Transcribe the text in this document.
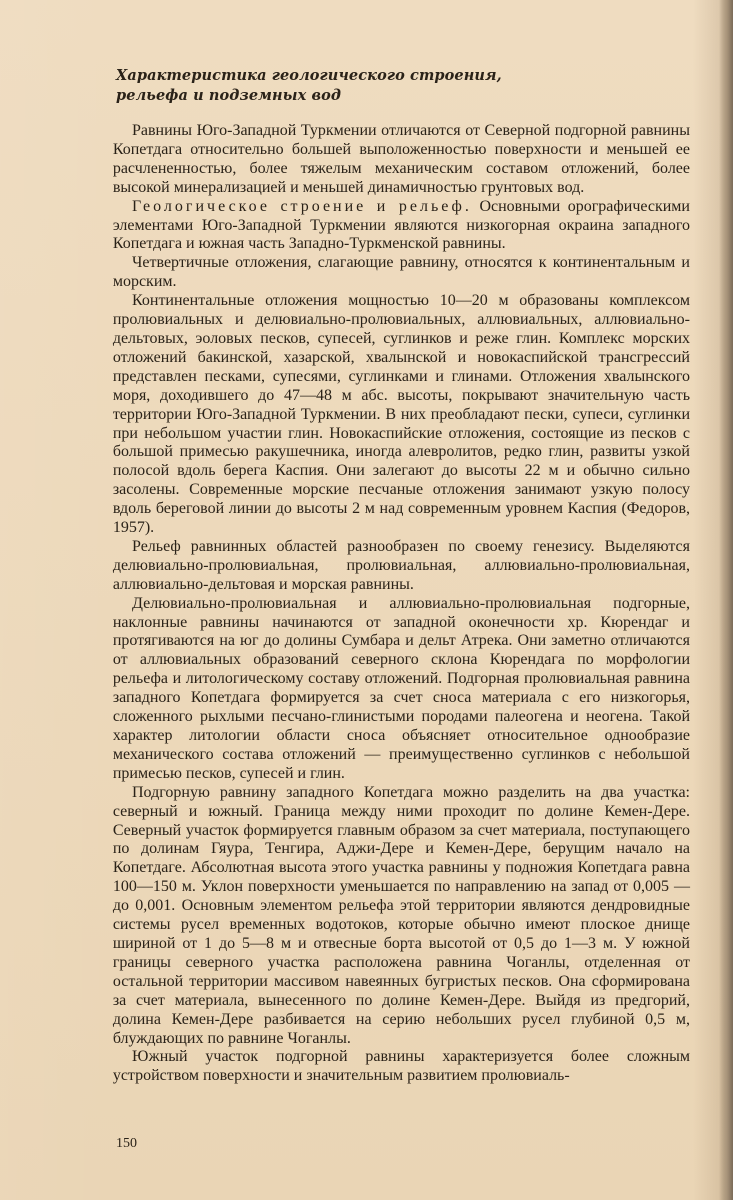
Характеристика геологического строения,
рельефа и подземных вод

Равнины Юго-Западной Туркмении отличаются от Северной подгорной равнины Копетдага относительно большей выположенностью поверхности и меньшей ее расчлененностью, более тяжелым механическим составом отложений, более высокой минерализацией и меньшей динамичностью грунтовых вод.

Геологическое строение и рельеф. Основными орографическими элементами Юго-Западной Туркмении являются низкогорная окраина западного Копетдага и южная часть Западно-Туркменской равнины.

Четвертичные отложения, слагающие равнину, относятся к континентальным и морским.

Континентальные отложения мощностью 10—20 м образованы комплексом пролювиальных и делювиально-пролювиальных, аллювиальных, аллювиально-дельтовых, эоловых песков, супесей, суглинков и реже глин. Комплекс морских отложений бакинской, хазарской, хвалынской и новокаспийской трансгрессий представлен песками, супесями, суглинками и глинами. Отложения хвалынского моря, доходившего до 47—48 м абс. высоты, покрывают значительную часть территории Юго-Западной Туркмении. В них преобладают пески, супеси, суглинки при небольшом участии глин. Новокаспийские отложения, состоящие из песков с большой примесью ракушечника, иногда алевролитов, редко глин, развиты узкой полосой вдоль берега Каспия. Они залегают до высоты 22 м и обычно сильно засолены. Современные морские песчаные отложения занимают узкую полосу вдоль береговой линии до высоты 2 м над современным уровнем Каспия (Федоров, 1957).

Рельеф равнинных областей разнообразен по своему генезису. Выделяются делювиально-пролювиальная, пролювиальная, аллювиально-пролювиальная, аллювиально-дельтовая и морская равнины.

Делювиально-пролювиальная и аллювиально-пролювиальная подгорные, наклонные равнины начинаются от западной оконечности хр. Кюрендаг и протягиваются на юг до долины Сумбара и дельт Атрека. Они заметно отличаются от аллювиальных образований северного склона Кюрендага по морфологии рельефа и литологическому составу отложений. Подгорная пролювиальная равнина западного Копетдага формируется за счет сноса материала с его низкогорья, сложенного рыхлыми песчано-глинистыми породами палеогена и неогена. Такой характер литологии области сноса объясняет относительное однообразие механического состава отложений — преимущественно суглинков с небольшой примесью песков, супесей и глин.

Подгорную равнину западного Копетдага можно разделить на два участка: северный и южный. Граница между ними проходит по долине Кемен-Дере. Северный участок формируется главным образом за счет материала, поступающего по долинам Гяура, Тенгира, Аджи-Дере и Кемен-Дере, берущим начало на Копетдаге. Абсолютная высота этого участка равнины у подножия Копетдага равна 100—150 м. Уклон поверхности уменьшается по направлению на запад от 0,005 — до 0,001. Основным элементом рельефа этой территории являются дендровидные системы русел временных водотоков, которые обычно имеют плоское днище шириной от 1 до 5—8 м и отвесные борта высотой от 0,5 до 1—3 м. У южной границы северного участка расположена равнина Чоганлы, отделенная от остальной территории массивом навеянных бугристых песков. Она сформирована за счет материала, вынесенного по долине Кемен-Дере. Выйдя из предгорий, долина Кемен-Дере разбивается на серию небольших русел глубиной 0,5 м, блуждающих по равнине Чоганлы.

Южный участок подгорной равнины характеризуется более сложным устройством поверхности и значительным развитием пролювиаль-

150
